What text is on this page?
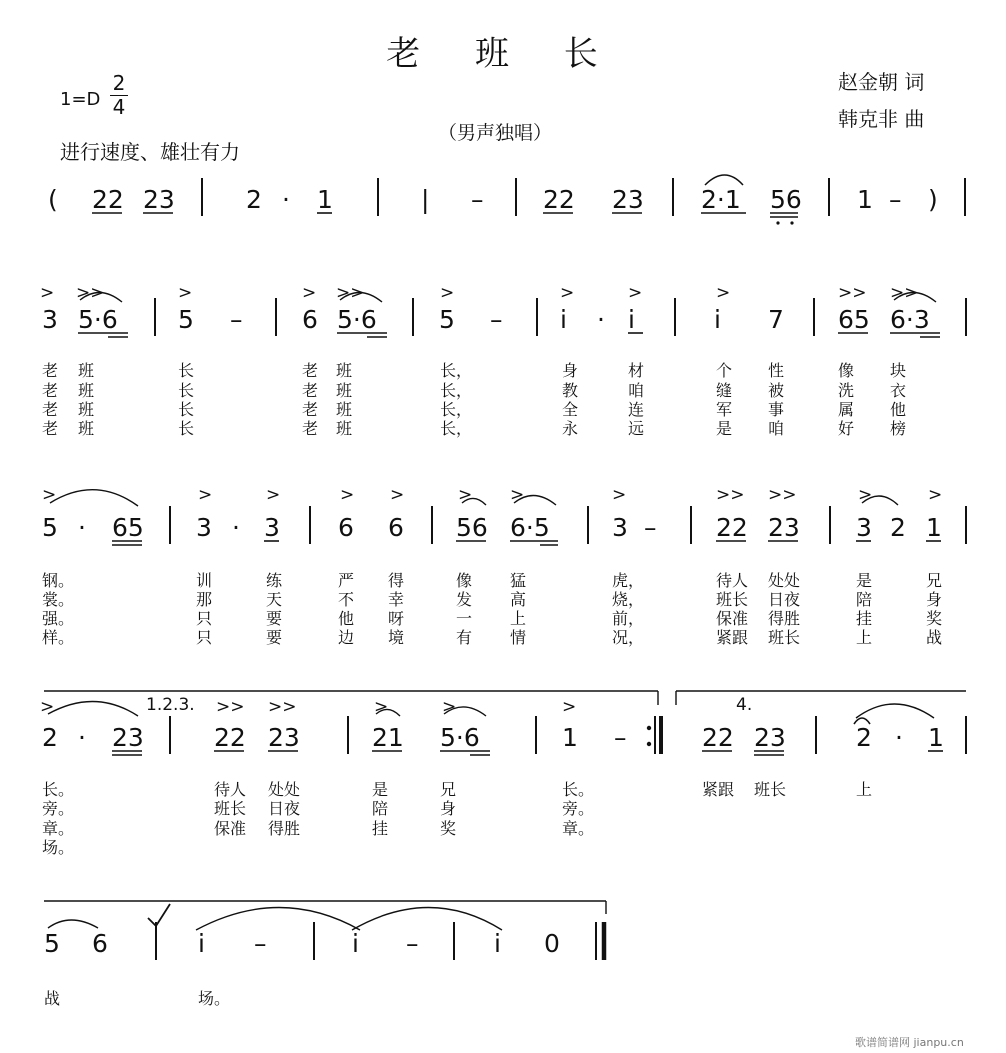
老 班 长
赵金朝 词
韩克非 曲
1=D
2
4
进行速度、雄壮有力
（男声独唱）
歌谱简谱网 jianpu.cn
( 22 23	2 · 1	| – 22 23 2·1 56 1 – )
> >>	>	> >>	>	>	>	>	>> >>
3 5·6 5 – 6 5·6 5 – i · i	i 7 65 6·3
老 班	长	老 班	长，	身	材	个 性	像 块
老 班	长	老 班	长，	教	咱	缝 被	洗 衣
老 班	长	老 班	长，	全	连	军 事	属 他
老 班	长	老 班	长，	永	远	是 咱	好 榜
>	>	>	> >	> >	>	>> >>	>	>
5 · 65 3 · 3 6 6 56 6·5 3 – 22 23 3 2 1
钢。	训	练	严 得	像 猛	虎，	待人 处处	是	兄
裳。	那	天	不 幸	发 高	烧，	班长 日夜	陪	身
强。	只	要	他 呀	一 上	前，	保准 得胜	挂	奖
样。	只	要	边 境	有 情	况，	紧跟 班长	上	战
1.2.3.	4.
>	>> >>	>	>	>
2 · 23	22 23	21 5·6	1 –	22 23	2 · 1
长。	待人 处处	是	兄	长。	紧跟 班长	上
旁。	班长 日夜	陪	身	旁。
章。	保准 得胜	挂	奖	章。
场。
5 6	i –	i –	i 0
战	场。
